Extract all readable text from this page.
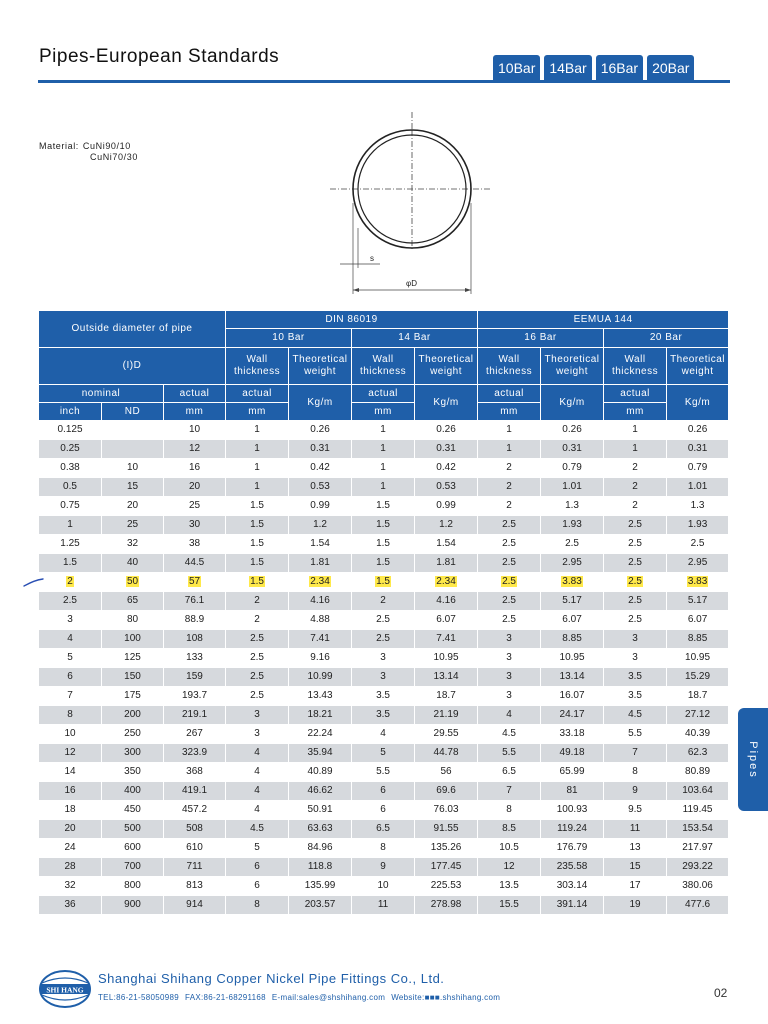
Pipes-European Standards
10Bar	14Bar	16Bar	20Bar
Material: CuNi90/10
CuNi70/30
s
φD
Outside diameter of pipe			DIN 86019				EEMUA 144			
			10 Bar		14 Bar		16 Bar		20 Bar	
(I)D			Wall thickness	Theoretical weight	Wall thickness	Theoretical weight	Wall thickness	Theoretical weight	Wall thickness	Theoretical weight
nominal		actual	actual	Kg/m	actual	Kg/m	actual	Kg/m	actual	Kg/m
inch	ND	mm	mm		mm		mm		mm	
0.125		10	1	0.26	1	0.26	1	0.26	1	0.26
0.25		12	1	0.31	1	0.31	1	0.31	1	0.31
0.38	10	16	1	0.42	1	0.42	2	0.79	2	0.79
0.5	15	20	1	0.53	1	0.53	2	1.01	2	1.01
0.75	20	25	1.5	0.99	1.5	0.99	2	1.3	2	1.3
1	25	30	1.5	1.2	1.5	1.2	2.5	1.93	2.5	1.93
1.25	32	38	1.5	1.54	1.5	1.54	2.5	2.5	2.5	2.5
1.5	40	44.5	1.5	1.81	1.5	1.81	2.5	2.95	2.5	2.95
2	50	57	1.5	2.34	1.5	2.34	2.5	3.83	2.5	3.83
2.5	65	76.1	2	4.16	2	4.16	2.5	5.17	2.5	5.17
3	80	88.9	2	4.88	2.5	6.07	2.5	6.07	2.5	6.07
4	100	108	2.5	7.41	2.5	7.41	3	8.85	3	8.85
5	125	133	2.5	9.16	3	10.95	3	10.95	3	10.95
6	150	159	2.5	10.99	3	13.14	3	13.14	3.5	15.29
7	175	193.7	2.5	13.43	3.5	18.7	3	16.07	3.5	18.7
8	200	219.1	3	18.21	3.5	21.19	4	24.17	4.5	27.12
10	250	267	3	22.24	4	29.55	4.5	33.18	5.5	40.39
12	300	323.9	4	35.94	5	44.78	5.5	49.18	7	62.3
14	350	368	4	40.89	5.5	56	6.5	65.99	8	80.89
16	400	419.1	4	46.62	6	69.6	7	81	9	103.64
18	450	457.2	4	50.91	6	76.03	8	100.93	9.5	119.45
20	500	508	4.5	63.63	6.5	91.55	8.5	119.24	11	153.54
24	600	610	5	84.96	8	135.26	10.5	176.79	13	217.97
28	700	711	6	118.8	9	177.45	12	235.58	15	293.22
32	800	813	6	135.99	10	225.53	13.5	303.14	17	380.06
36	900	914	8	203.57	11	278.98	15.5	391.14	19	477.6
Pipes
SHI HANG
Shanghai Shihang Copper Nickel Pipe Fittings Co., Ltd.
TEL:86-21-58050989 FAX:86-21-68291168 E-mail:sales@shshihang.com Website:■■■.shshihang.com	02
